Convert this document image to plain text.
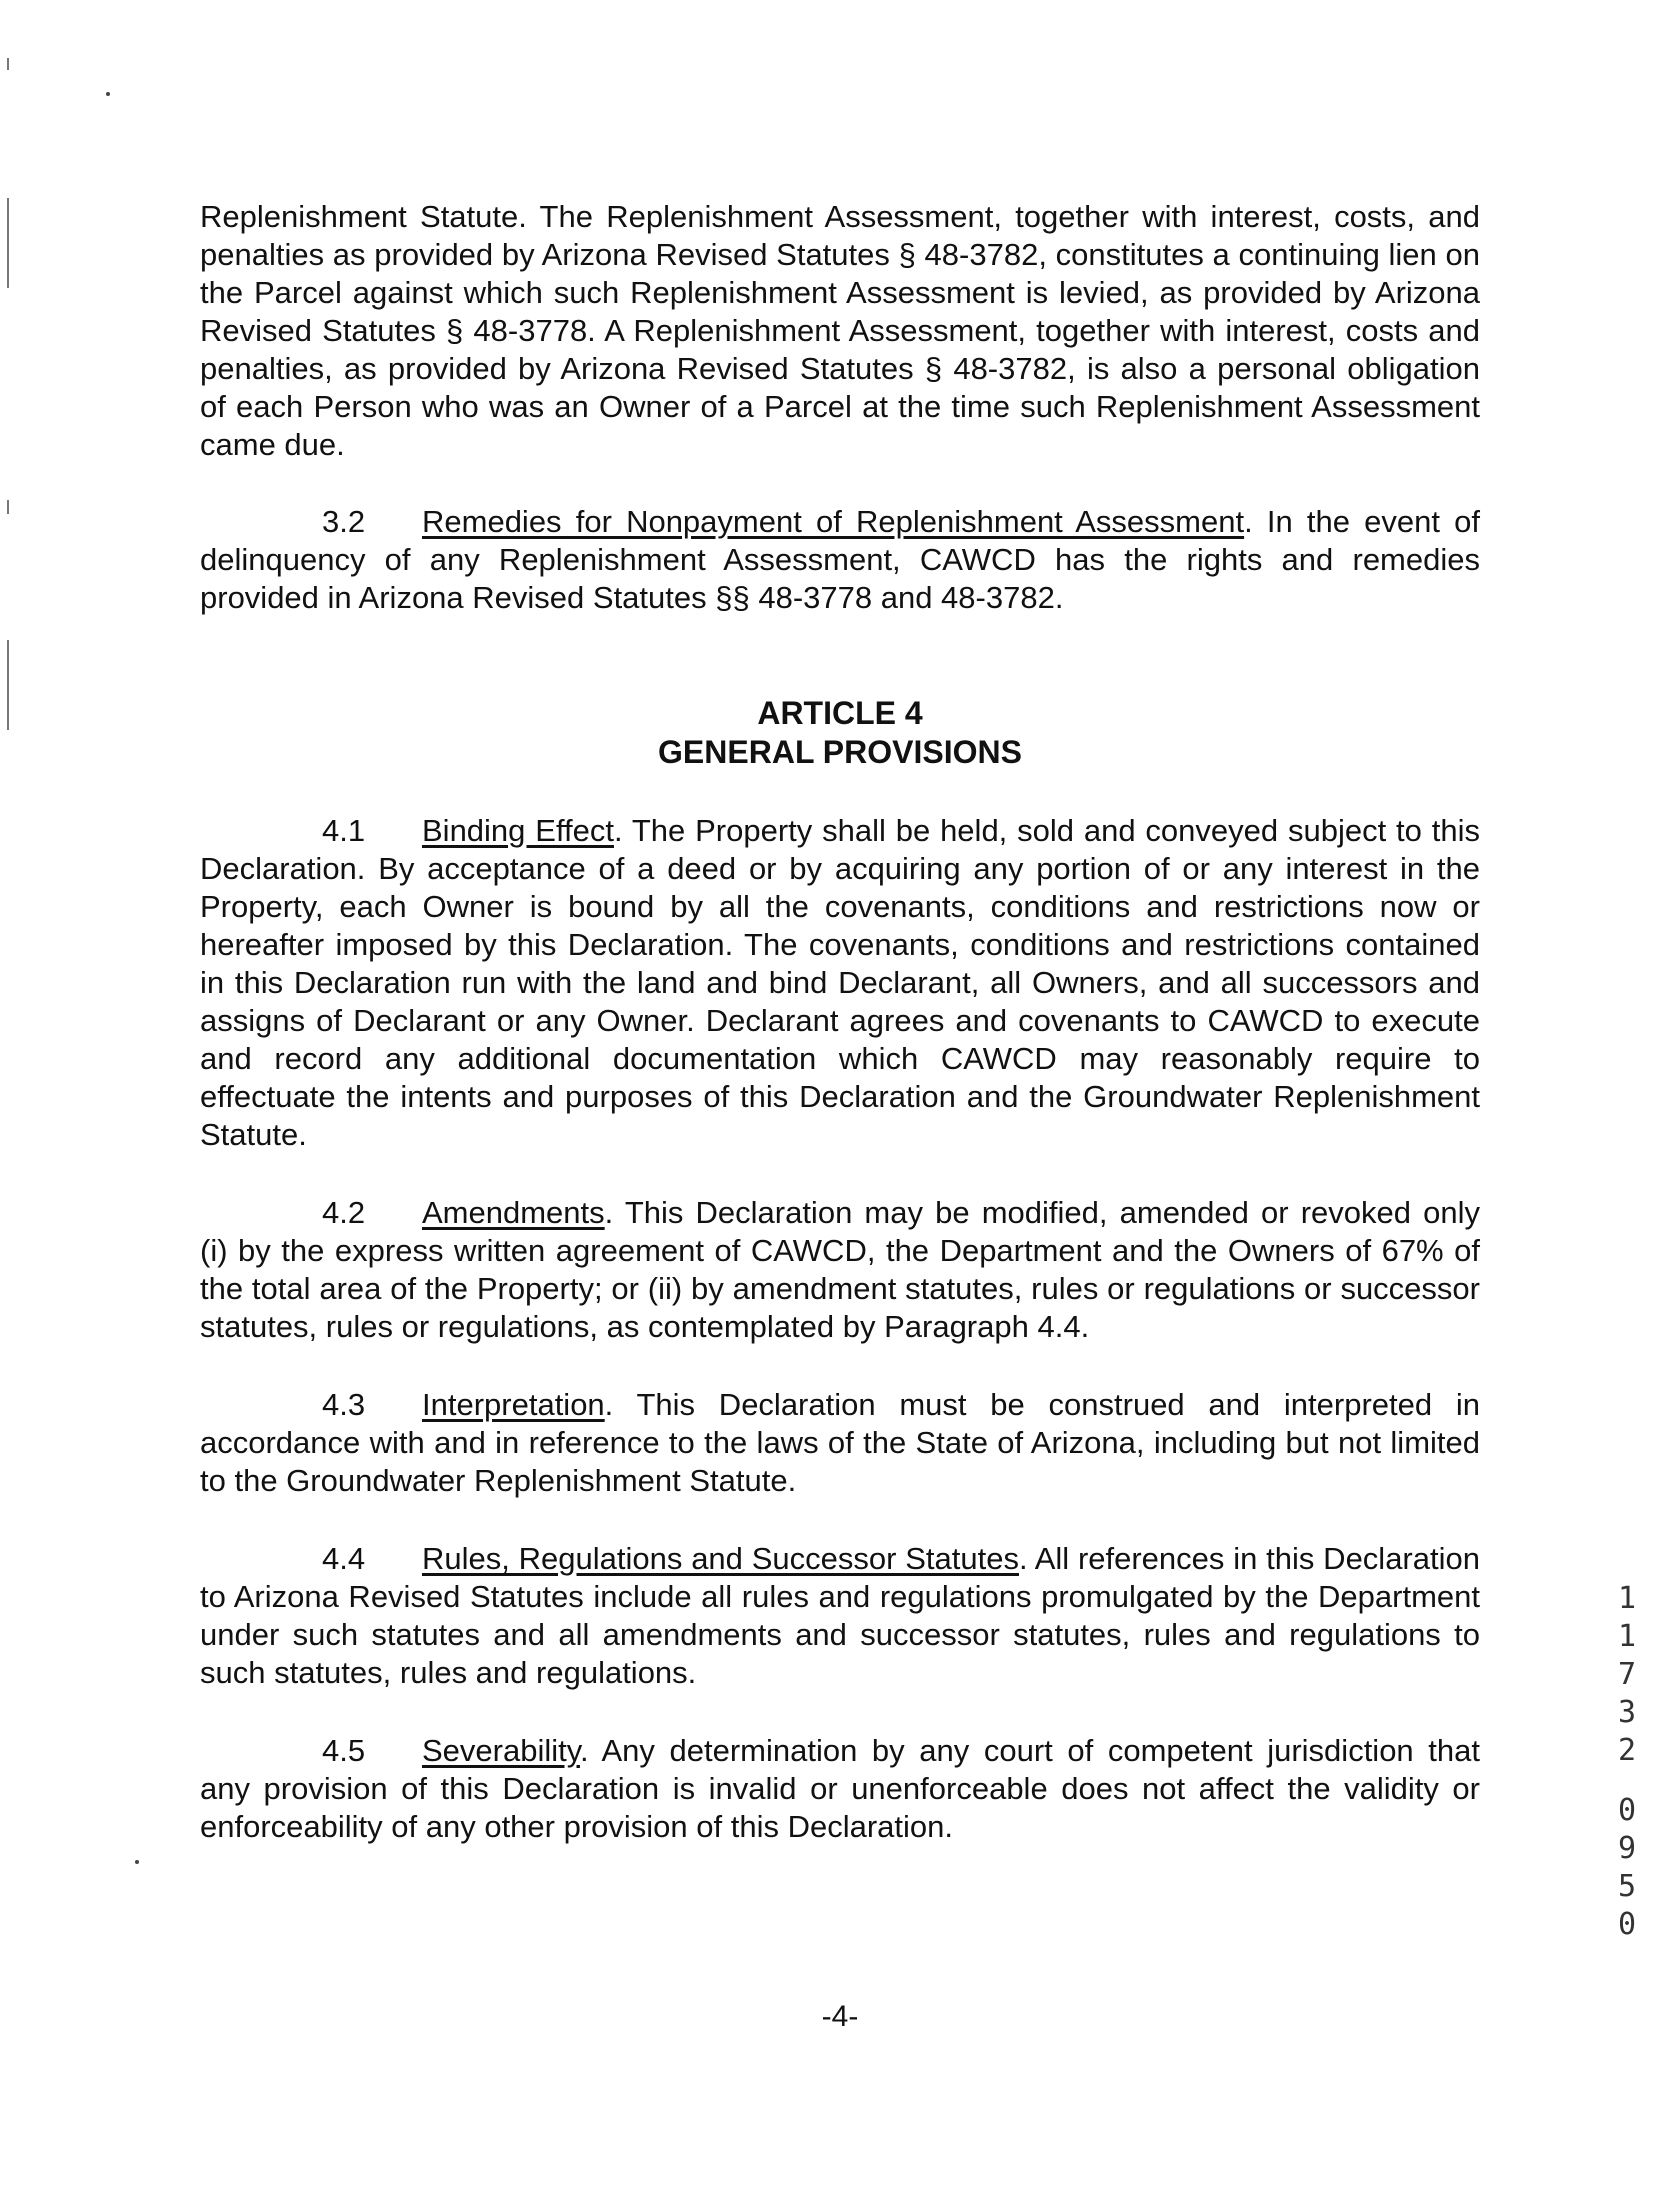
Replenishment Statute. The Replenishment Assessment, together with interest, costs, and penalties as provided by Arizona Revised Statutes § 48-3782, constitutes a continuing lien on the Parcel against which such Replenishment Assessment is levied, as provided by Arizona Revised Statutes § 48-3778. A Replenishment Assessment, together with interest, costs and penalties, as provided by Arizona Revised Statutes § 48-3782, is also a personal obligation of each Person who was an Owner of a Parcel at the time such Replenishment Assessment came due.

3.2 Remedies for Nonpayment of Replenishment Assessment. In the event of delinquency of any Replenishment Assessment, CAWCD has the rights and remedies provided in Arizona Revised Statutes §§ 48-3778 and 48-3782.

ARTICLE 4
GENERAL PROVISIONS

4.1 Binding Effect. The Property shall be held, sold and conveyed subject to this Declaration. By acceptance of a deed or by acquiring any portion of or any interest in the Property, each Owner is bound by all the covenants, conditions and restrictions now or hereafter imposed by this Declaration. The covenants, conditions and restrictions contained in this Declaration run with the land and bind Declarant, all Owners, and all successors and assigns of Declarant or any Owner. Declarant agrees and covenants to CAWCD to execute and record any additional documentation which CAWCD may reasonably require to effectuate the intents and purposes of this Declaration and the Groundwater Replenishment Statute.

4.2 Amendments. This Declaration may be modified, amended or revoked only (i) by the express written agreement of CAWCD, the Department and the Owners of 67% of the total area of the Property; or (ii) by amendment statutes, rules or regulations or successor statutes, rules or regulations, as contemplated by Paragraph 4.4.

4.3 Interpretation. This Declaration must be construed and interpreted in accordance with and in reference to the laws of the State of Arizona, including but not limited to the Groundwater Replenishment Statute.

4.4 Rules, Regulations and Successor Statutes. All references in this Declaration to Arizona Revised Statutes include all rules and regulations promulgated by the Department under such statutes and all amendments and successor statutes, rules and regulations to such statutes, rules and regulations.

4.5 Severability. Any determination by any court of competent jurisdiction that any provision of this Declaration is invalid or unenforceable does not affect the validity or enforceability of any other provision of this Declaration.

-4-
1
1
7
3
2
0
9
5
0
